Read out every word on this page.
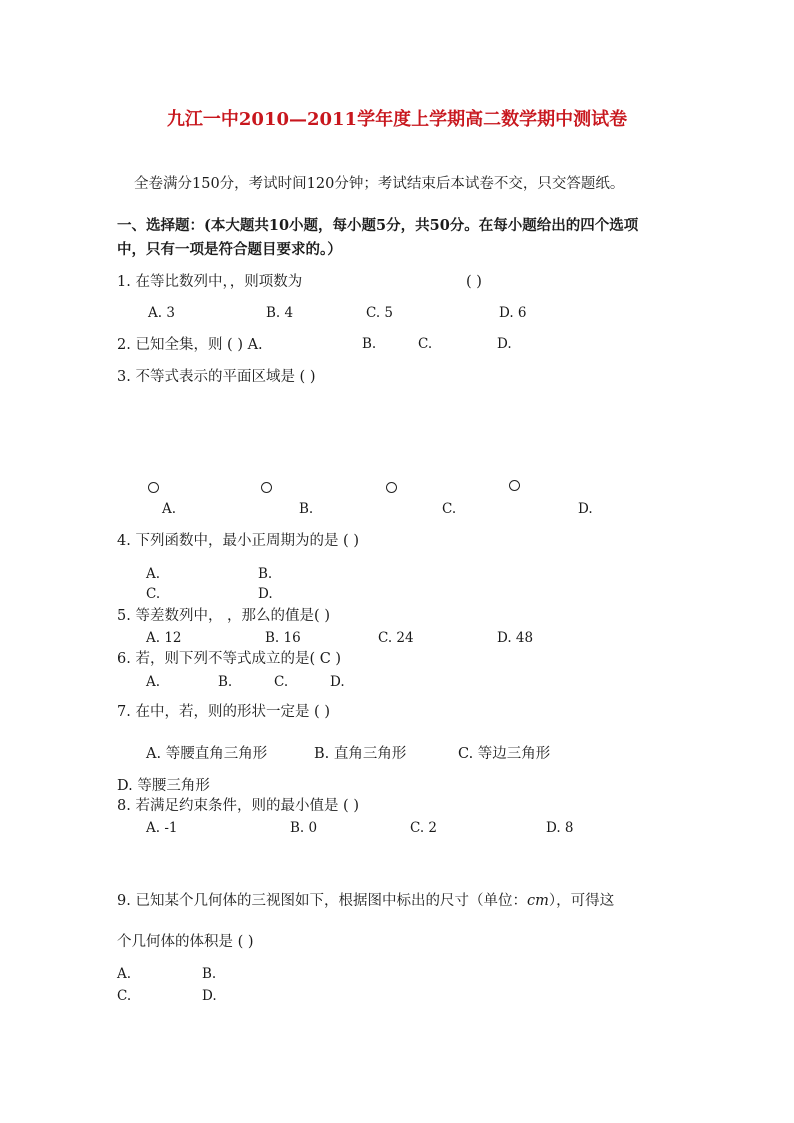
九江一中2010—2011学年度上学期高二数学期中测试卷
全卷满分150分，考试时间120分钟；考试结束后本试卷不交，只交答题纸。
一、选择题：(本大题共10小题，每小题5分，共50分。在每小题给出的四个选项
中，只有一项是符合题目要求的。）
1. 在等比数列中，，则项数为	( )
A. 3	B. 4	C. 5	D. 6
2. 已知全集，则 ( ) A.	B.	C.	D.
3. 不等式表示的平面区域是 ( )
A.	B.	C.	D.
4. 下列函数中，最小正周期为的是 ( )
A.	B.
C.	D.
5. 等差数列中， ，那么的值是( )
A. 12	B. 16	C. 24	D. 48
6. 若，则下列不等式成立的是( C )
A.	B.	C.	D.
7. 在中，若，则的形状一定是 ( )
A. 等腰直角三角形	B. 直角三角形	C. 等边三角形
D. 等腰三角形
8. 若满足约束条件，则的最小值是 ( )
A. -1	B. 0	C. 2	D. 8
9. 已知某个几何体的三视图如下，根据图中标出的尺寸（单位：cm），可得这
个几何体的体积是 ( )
A.	B.
C.	D.
